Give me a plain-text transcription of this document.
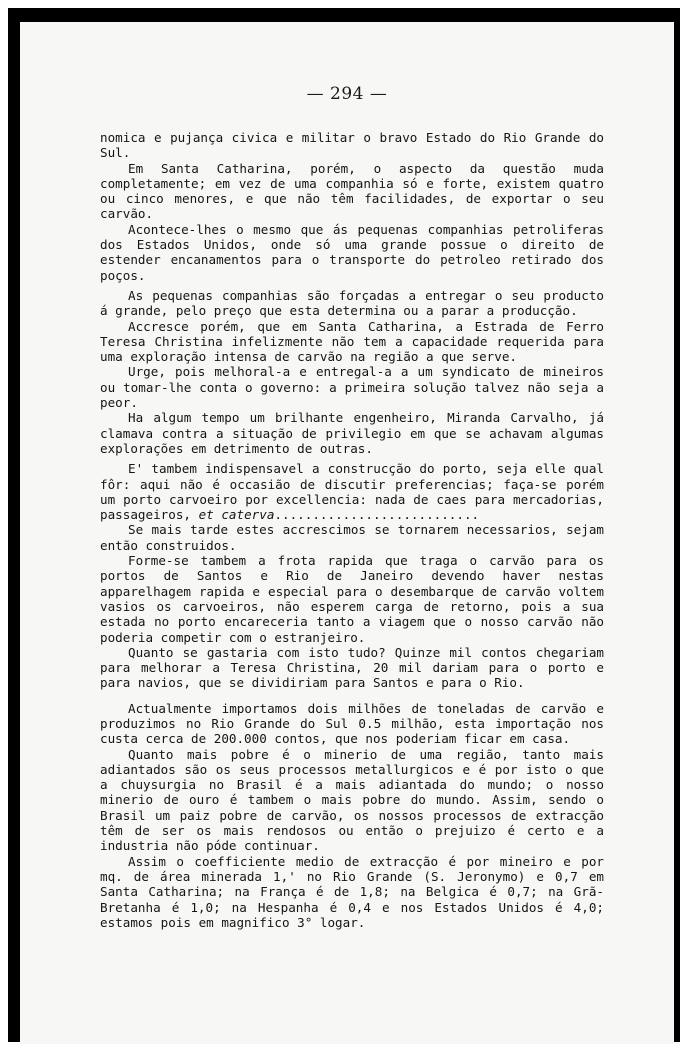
— 294 —

nomica e pujança civica e militar o bravo Estado do Rio Grande do Sul.

Em Santa Catharina, porém, o aspecto da questão muda completamente; em vez de uma companhia só e forte, existem quatro ou cinco menores, e que não têm facilidades, de exportar o seu carvão.

Acontece-lhes o mesmo que ás pequenas companhias petroliferas dos Estados Unidos, onde só uma grande possue o direito de estender encanamentos para o transporte do petroleo retirado dos poços.

As pequenas companhias são forçadas a entregar o seu producto á grande, pelo preço que esta determina ou a parar a producção.

Accresce porém, que em Santa Catharina, a Estrada de Ferro Teresa Christina infelizmente não tem a capacidade requerida para uma exploração intensa de carvão na região a que serve.

Urge, pois melhoral-a e entregal-a a um syndicato de mineiros ou tomar-lhe conta o governo: a primeira solução talvez não seja a peor.

Ha algum tempo um brilhante engenheiro, Miranda Carvalho, já clamava contra a situação de privilegio em que se achavam algumas explorações em detrimento de outras.

E' tambem indispensavel a construcção do porto, seja elle qual fôr: aqui não é occasião de discutir preferencias; faça-se porém um porto carvoeiro por excellencia: nada de caes para mercadorias, passageiros, et caterva...........................

Se mais tarde estes accrescimos se tornarem necessarios, sejam então construidos.

Forme-se tambem a frota rapida que traga o carvão para os portos de Santos e Rio de Janeiro devendo haver nestas apparelhagem rapida e especial para o desembarque de carvão voltem vasios os carvoeiros, não esperem carga de retorno, pois a sua estada no porto encareceria tanto a viagem que o nosso carvão não poderia competir com o estranjeiro.

Quanto se gastaria com isto tudo? Quinze mil contos chegariam para melhorar a Teresa Christina, 20 mil dariam para o porto e para navios, que se dividiriam para Santos e para o Rio.

Actualmente importamos dois milhões de toneladas de carvão e produzimos no Rio Grande do Sul 0.5 milhão, esta importação nos custa cerca de 200.000 contos, que nos poderiam ficar em casa.

Quanto mais pobre é o minerio de uma região, tanto mais adiantados são os seus processos metallurgicos e é por isto o que a chuysurgia no Brasil é a mais adiantada do mundo; o nosso minerio de ouro é tambem o mais pobre do mundo. Assim, sendo o Brasil um paiz pobre de carvão, os nossos processos de extracção têm de ser os mais rendosos ou então o prejuizo é certo e a industria não póde continuar.

Assim o coefficiente medio de extracção é por mineiro e por mq. de área minerada 1,' no Rio Grande (S. Jeronymo) e 0,7 em Santa Catharina; na França é de 1,8; na Belgica é 0,7; na Grã-Bretanha é 1,0; na Hespanha é 0,4 e nos Estados Unidos é 4,0; estamos pois em magnifico 3° logar.
